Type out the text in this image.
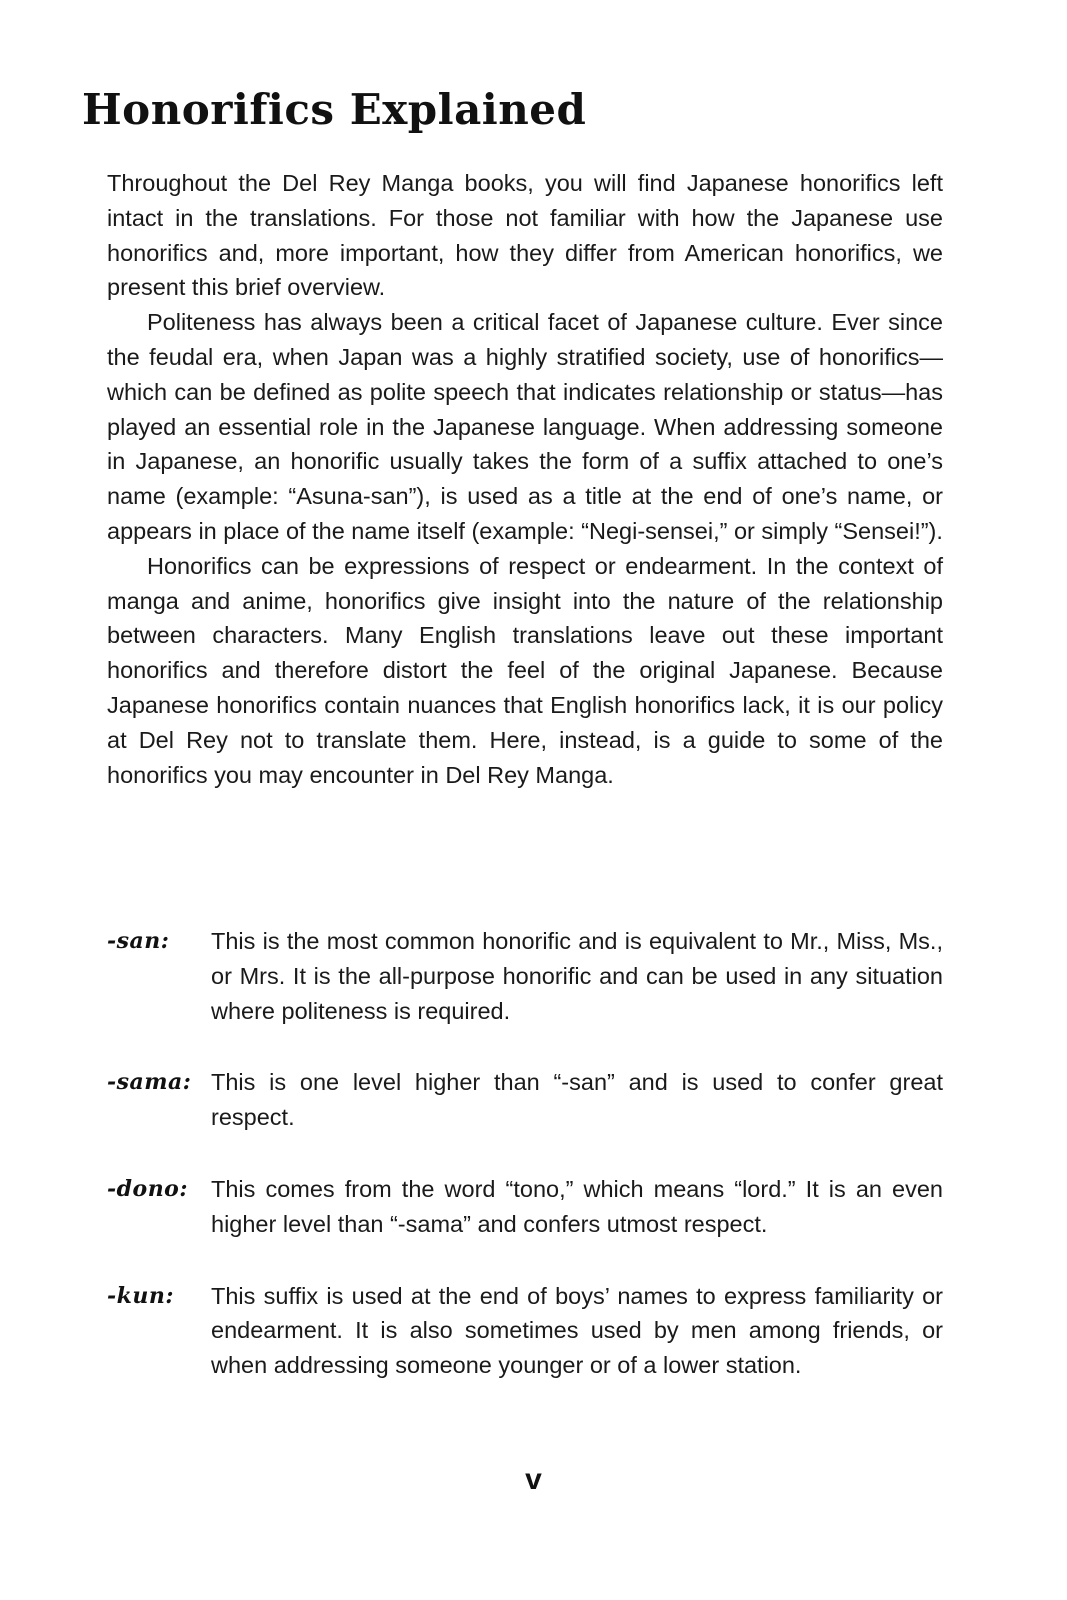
Honorifics Explained

Throughout the Del Rey Manga books, you will find Japanese honorifics left intact in the translations. For those not familiar with how the Japanese use honorifics and, more important, how they differ from American honorifics, we present this brief overview.

Politeness has always been a critical facet of Japanese culture. Ever since the feudal era, when Japan was a highly stratified society, use of honorifics—which can be defined as polite speech that indicates relationship or status—has played an essential role in the Japanese language. When addressing someone in Japanese, an honorific usually takes the form of a suffix attached to one’s name (example: “Asuna-san”), is used as a title at the end of one’s name, or appears in place of the name itself (example: “Negi-sensei,” or simply “Sensei!”).

Honorifics can be expressions of respect or endearment. In the context of manga and anime, honorifics give insight into the nature of the relationship between characters. Many English translations leave out these important honorifics and therefore distort the feel of the original Japanese. Because Japanese honorifics contain nuances that English honorifics lack, it is our policy at Del Rey not to translate them. Here, instead, is a guide to some of the honorifics you may encounter in Del Rey Manga.

-san:	This is the most common honorific and is equivalent to Mr., Miss, Ms., or Mrs. It is the all-purpose honorific and can be used in any situation where politeness is required.
-sama: This is one level higher than “-san” and is used to confer great respect.
-dono: This comes from the word “tono,” which means “lord.” It is an even higher level than “-sama” and confers utmost respect.
-kun:	This suffix is used at the end of boys’ names to express familiarity or endearment. It is also sometimes used by men among friends, or when addressing someone younger or of a lower station.
v
